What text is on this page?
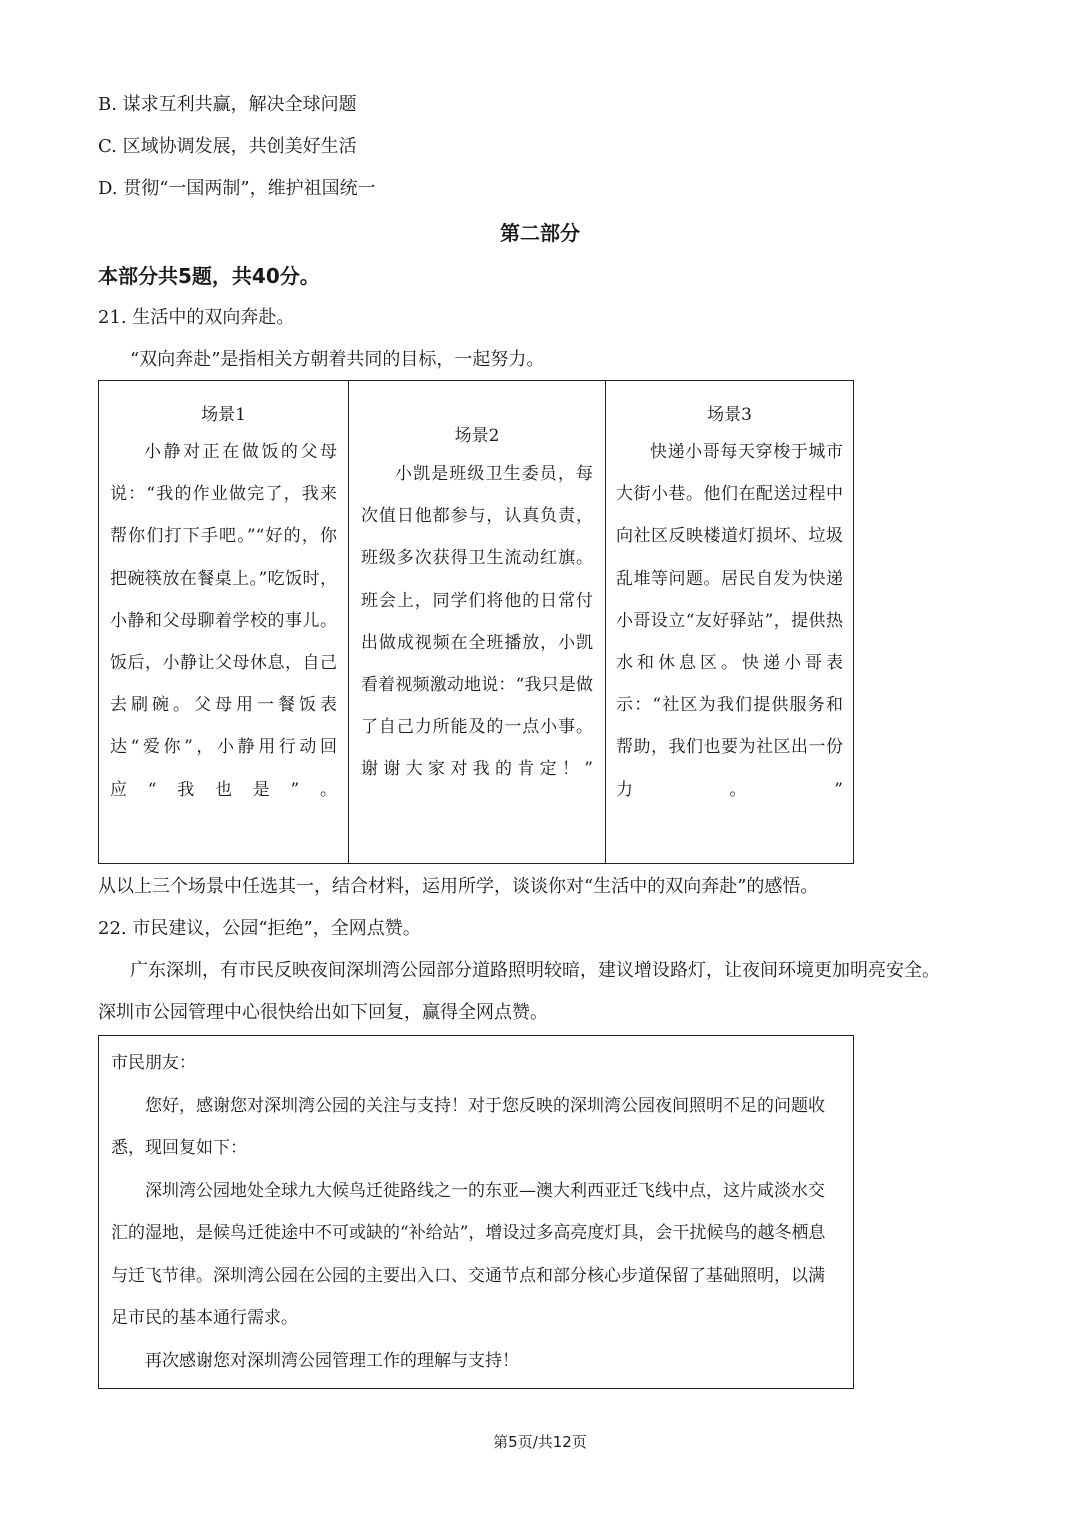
B. 谋求互利共赢，解决全球问题
C. 区域协调发展，共创美好生活
D. 贯彻“一国两制”，维护祖国统一
第二部分
本部分共5题，共40分。
21. 生活中的双向奔赴。
“双向奔赴”是指相关方朝着共同的目标，一起努力。
场景1

小静对正在做饭的父母说：“我的作业做完了，我来帮你们打下手吧。”“好的，你把碗筷放在餐桌上。”吃饭时，小静和父母聊着学校的事儿。饭后，小静让父母休息，自己去刷碗。父母用一餐饭表达“爱你”，小静用行动回应“我也是”。

场景2

小凯是班级卫生委员，每次值日他都参与，认真负责，班级多次获得卫生流动红旗。班会上，同学们将他的日常付出做成视频在全班播放，小凯看着视频激动地说：“我只是做了自己力所能及的一点小事。谢谢大家对我的肯定！”

场景3

快递小哥每天穿梭于城市大街小巷。他们在配送过程中向社区反映楼道灯损坏、垃圾乱堆等问题。居民自发为快递小哥设立“友好驿站”，提供热水和休息区。快递小哥表示：“社区为我们提供服务和帮助，我们也要为社区出一份力。”

从以上三个场景中任选其一，结合材料，运用所学，谈谈你对“生活中的双向奔赴”的感悟。
22. 市民建议，公园“拒绝”，全网点赞。
广东深圳，有市民反映夜间深圳湾公园部分道路照明较暗，建议增设路灯，让夜间环境更加明亮安全。
深圳市公园管理中心很快给出如下回复，赢得全网点赞。

市民朋友：

您好，感谢您对深圳湾公园的关注与支持！对于您反映的深圳湾公园夜间照明不足的问题收悉，现回复如下：

深圳湾公园地处全球九大候鸟迁徙路线之一的东亚—澳大利西亚迁飞线中点，这片咸淡水交汇的湿地，是候鸟迁徙途中不可或缺的“补给站”，增设过多高亮度灯具，会干扰候鸟的越冬栖息与迁飞节律。深圳湾公园在公园的主要出入口、交通节点和部分核心步道保留了基础照明，以满足市民的基本通行需求。

再次感谢您对深圳湾公园管理工作的理解与支持！

第5页/共12页
